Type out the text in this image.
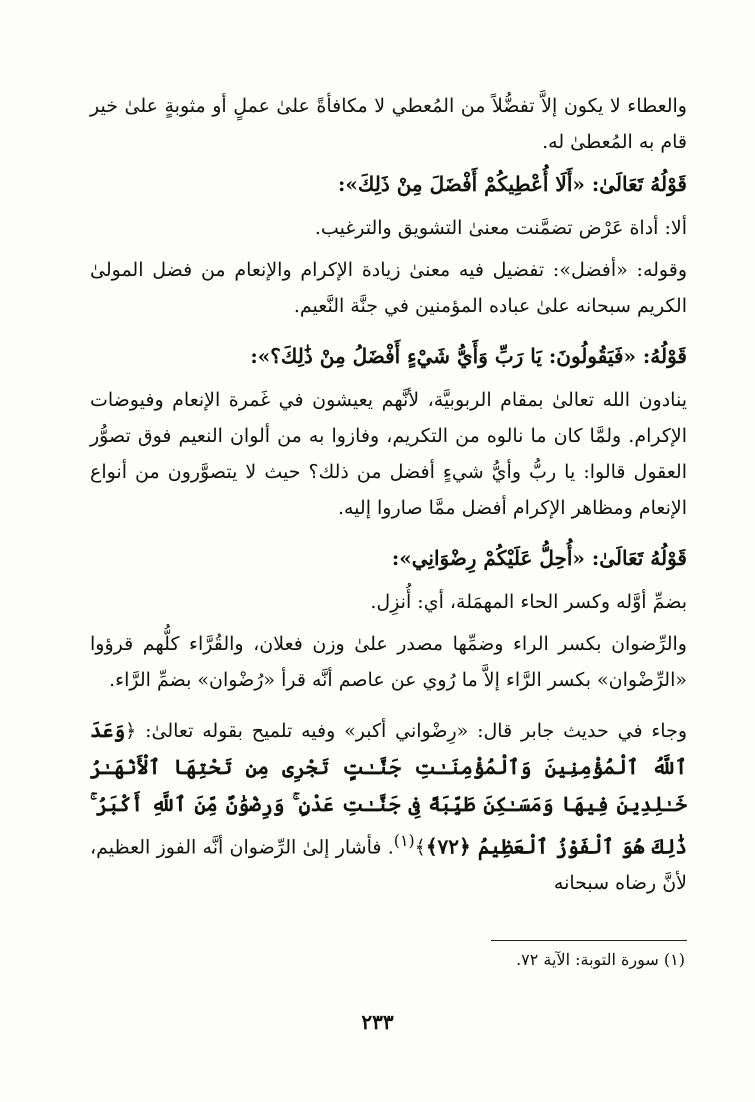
والعطاء لا يكون إلاَّ تفضُّلاً من المُعطي لا مكافأةً علىٰ عملٍ أو مثوبةٍ علىٰ خير قام به المُعطىٰ له.

قَوْلُهُ تَعَالَىٰ: «أَلَا أُعْطِيكُمْ أَفْضَلَ مِنْ ذَلِكَ»:

ألا: أداة عَرْض تضمَّنت معنىٰ التشويق والترغيب.

وقوله: «أفضل»: تفضيل فيه معنىٰ زيادة الإكرام والإنعام من فضل المولىٰ الكريم سبحانه علىٰ عباده المؤمنين في جنَّة النَّعيم.

قَوْلُهُ: «فَيَقُولُونَ: يَا رَبِّ وَأَيُّ شَيْءٍ أَفْضَلُ مِنْ ذَٰلِكَ؟»:

ينادون الله تعالىٰ بمقام الربوبيَّة، لأنَّهم يعيشون في غَمرة الإنعام وفيوضات الإكرام. ولمَّا كان ما نالوه من التكريم، وفازوا به من ألوان النعيم فوق تصوُّر العقول قالوا: يا ربُّ وأيُّ شيءٍ أفضل من ذلك؟ حيث لا يتصوَّرون من أنواع الإنعام ومظاهر الإكرام أفضل ممَّا صاروا إليه.

قَوْلُهُ تَعَالَىٰ: «أُحِلُّ عَلَيْكُمْ رِضْوَانِي»:

بضمِّ أوَّله وكسر الحاء المهمَلة، أي: أُنزِل.

والرِّضوان بكسر الراء وضمِّها مصدر علىٰ وزن فعلان، والقُرَّاء كلُّهم قرؤوا «الرِّضْوان» بكسر الرَّاء إلاَّ ما رُوي عن عاصم أنَّه قرأ «رُضْوان» بضمِّ الرَّاء.

وجاء في حديث جابر قال: «رِضْواني أكبر» وفيه تلميح بقوله تعالىٰ: ﴿وَعَدَ ٱللَّهُ ٱلْمُؤْمِنِينَ وَٱلْمُؤْمِنَـٰتِ جَنَّـٰتٍ تَجْرِى مِن تَحْتِهَا ٱلْأَنْهَـٰرُ خَـٰلِدِينَ فِيهَا وَمَسَـٰكِنَ طَيِّبَةً فِى جَنَّـٰتِ عَدْنٍ ۚ وَرِضْوَٰنٌ مِّنَ ٱللَّهِ أَكْبَرُ ۚ ذَٰلِكَ هُوَ ٱلْفَوْزُ ٱلْعَظِيمُ ﴿٧٢﴾﴾$^{(١)}$. فأشار إلىٰ الرِّضوان أنَّه الفوز العظيم، لأنَّ رضاه سبحانه

(١) سورة التوبة: الآية ٧٢.
٢٣٣
